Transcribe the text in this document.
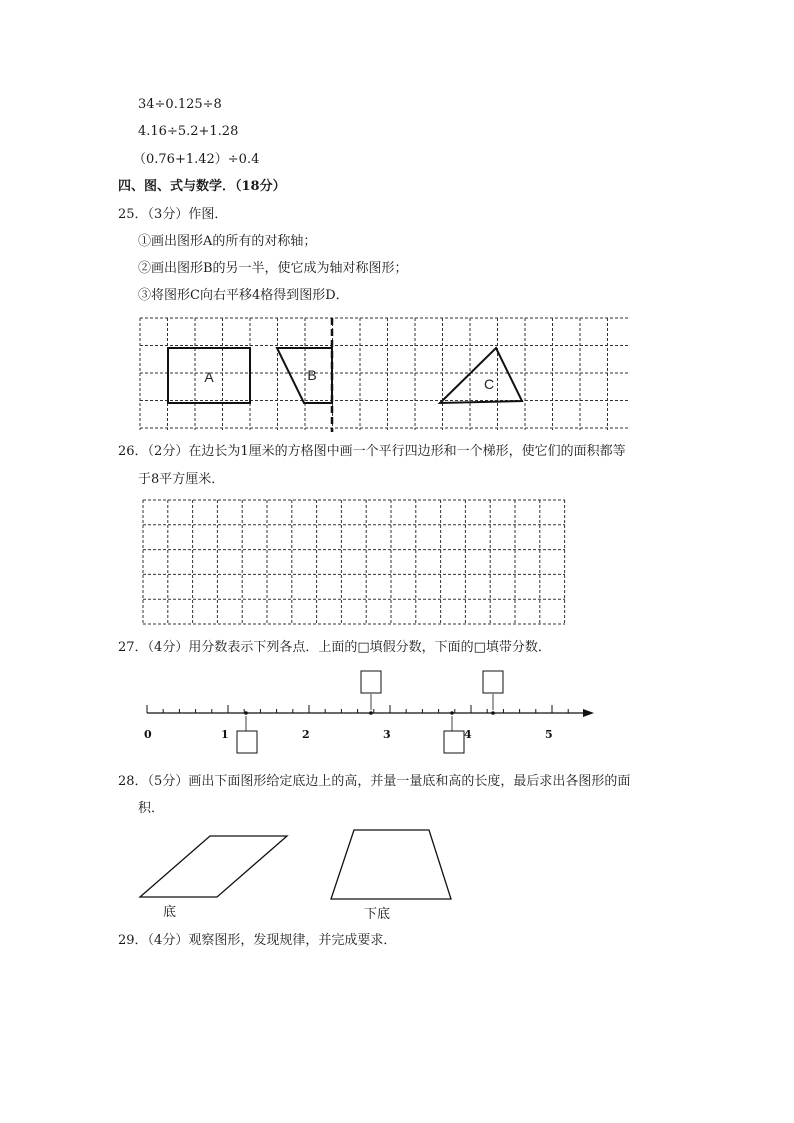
34÷0.125÷8
4.16÷5.2+1.28
（0.76+1.42）÷0.4
四、图、式与数学．（18分）
25．（3分）作图．
①画出图形A的所有的对称轴；
②画出图形B的另一半，使它成为轴对称图形；
③将图形C向右平移4格得到图形D．
A	B
C
26．（2分）在边长为1厘米的方格图中画一个平行四边形和一个梯形，使它们的面积都等
于8平方厘米．
27．（4分）用分数表示下列各点．上面的□填假分数，下面的□填带分数．
0	1	2	3	4	5
28．（5分）画出下面图形给定底边上的高，并量一量底和高的长度，最后求出各图形的面
积．
底	下底
29．（4分）观察图形，发现规律，并完成要求．
